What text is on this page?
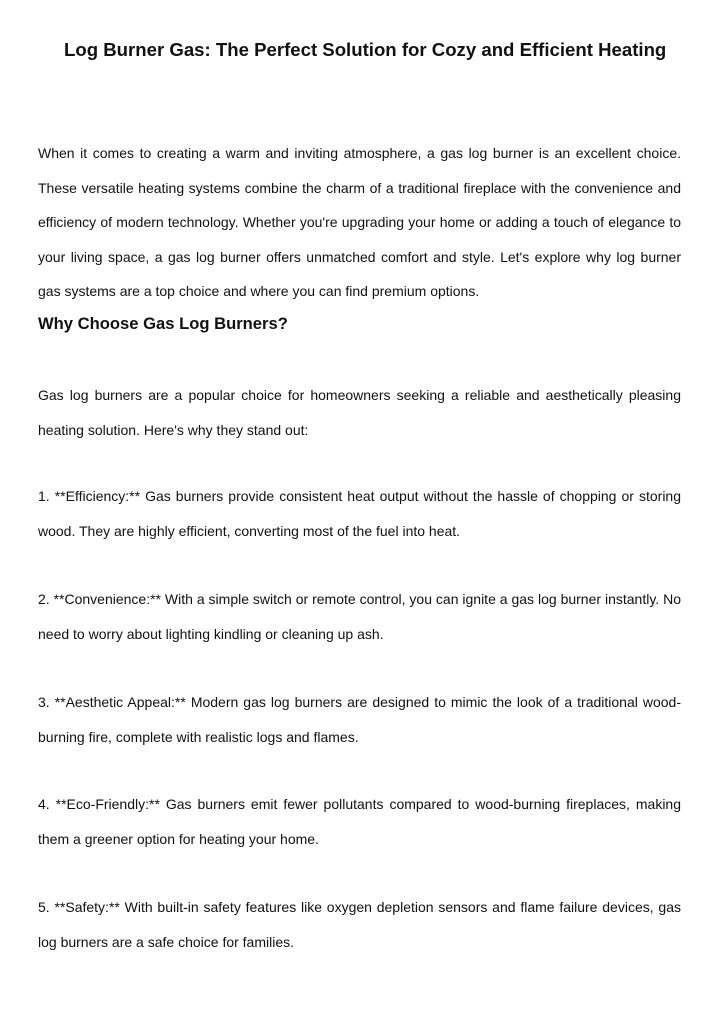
Log Burner Gas: The Perfect Solution for Cozy and Efficient Heating

When it comes to creating a warm and inviting atmosphere, a gas log burner is an excellent choice. These versatile heating systems combine the charm of a traditional fireplace with the convenience and efficiency of modern technology. Whether you're upgrading your home or adding a touch of elegance to your living space, a gas log burner offers unmatched comfort and style. Let's explore why log burner gas systems are a top choice and where you can find premium options.

Why Choose Gas Log Burners?

Gas log burners are a popular choice for homeowners seeking a reliable and aesthetically pleasing heating solution. Here's why they stand out:

1. **Efficiency:** Gas burners provide consistent heat output without the hassle of chopping or storing wood. They are highly efficient, converting most of the fuel into heat.

2. **Convenience:** With a simple switch or remote control, you can ignite a gas log burner instantly. No need to worry about lighting kindling or cleaning up ash.

3. **Aesthetic Appeal:** Modern gas log burners are designed to mimic the look of a traditional wood-burning fire, complete with realistic logs and flames.

4. **Eco-Friendly:** Gas burners emit fewer pollutants compared to wood-burning fireplaces, making them a greener option for heating your home.

5. **Safety:** With built-in safety features like oxygen depletion sensors and flame failure devices, gas log burners are a safe choice for families.
